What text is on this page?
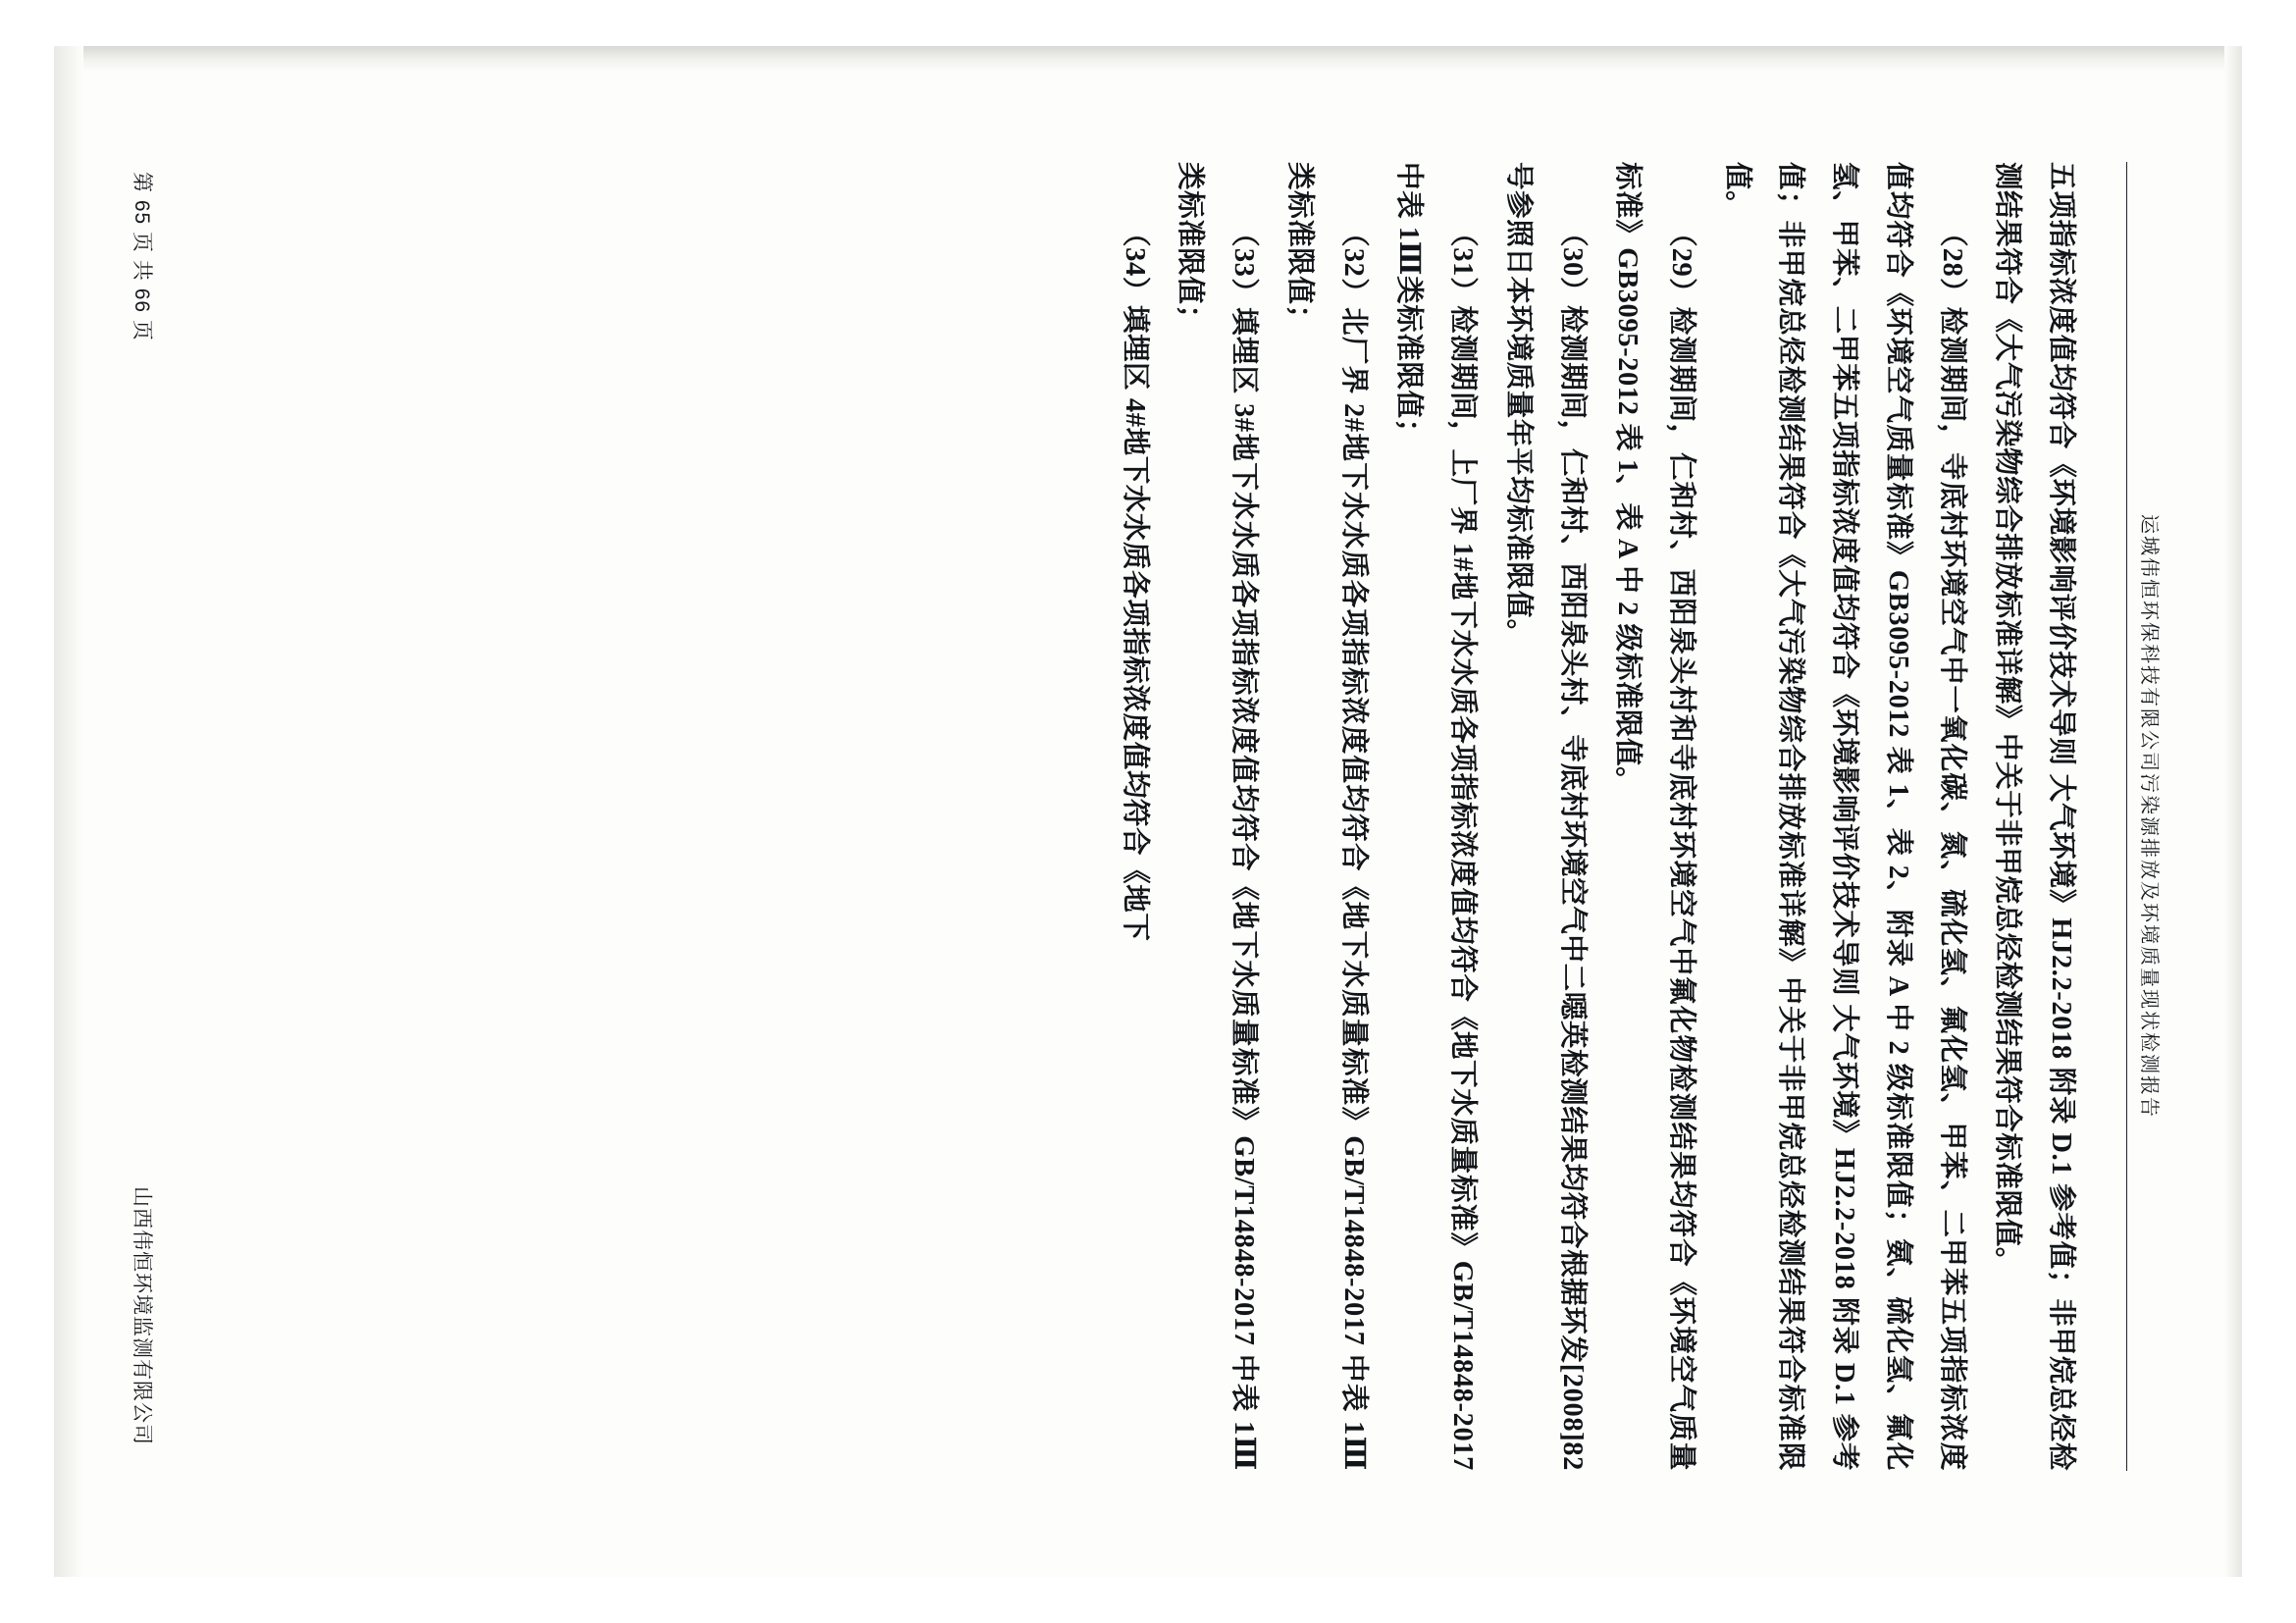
运城伟恒环保科技有限公司污染源排放及环境质量现状检测报告

五项指标浓度值均符合《环境影响评价技术导则 大气环境》HJ2.2-2018 附录 D.1 参考值；非甲烷总烃检测结果符合《大气污染物综合排放标准详解》中关于非甲烷总烃检测结果符合标准限值。

（28）检测期间，寺底村环境空气中一氧化碳、氮、硫化氢、氟化氢、甲苯、二甲苯五项指标浓度值均符合《环境空气质量标准》GB3095-2012 表 1、表 2、附录 A 中 2 级标准限值；氨、硫化氢、氟化氢、甲苯、二甲苯五项指标浓度值均符合《环境影响评价技术导则 大气环境》HJ2.2-2018 附录 D.1 参考值；非甲烷总烃检测结果符合《大气污染物综合排放标准详解》中关于非甲烷总烃检测结果符合标准限值。

（29）检测期间，仁和村、西阳泉头村和寺底村环境空气中氟化物检测结果均符合《环境空气质量标准》GB3095-2012 表 1、表 A 中 2 级标准限值。

（30）检测期间，仁和村、西阳泉头村、寺底村环境空气中二噁英检测结果均符合根据环发[2008]82 号参照日本环境质量年平均标准限值。

（31）检测期间，上厂界 1#地下水水质各项指标浓度值均符合《地下水质量标准》GB/T14848-2017 中表 1Ⅲ类标准限值；

（32）北厂界 2#地下水水质各项指标浓度值均符合《地下水质量标准》GB/T14848-2017 中表 1Ⅲ类标准限值；

（33）填埋区 3#地下水水质各项指标浓度值均符合《地下水质量标准》GB/T14848-2017 中表 1Ⅲ类标准限值；

（34）填埋区 4#地下水水质各项指标浓度值均符合《地下

第 65 页 共 66 页
山西伟恒环境监测有限公司
